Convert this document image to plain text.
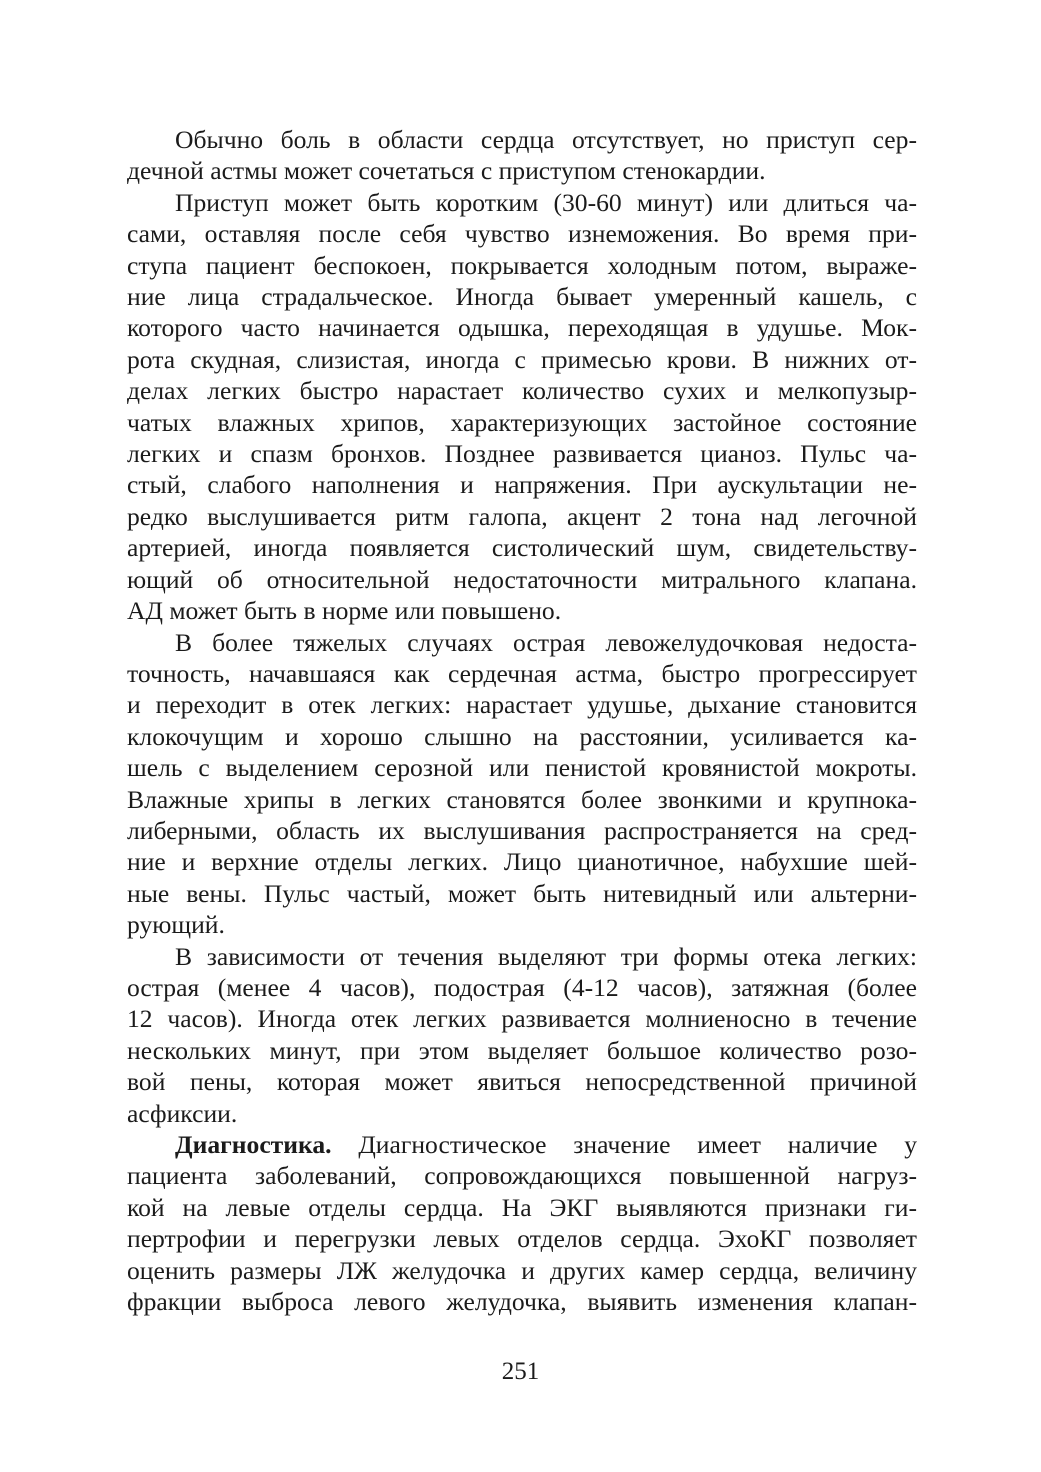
Обычно боль в области сердца отсутствует, но приступ сер-
дечной астмы может сочетаться с приступом стенокардии.
Приступ может быть коротким (30-60 минут) или длиться ча-
сами, оставляя после себя чувство изнеможения. Во время при-
ступа пациент беспокоен, покрывается холодным потом, выраже-
ние лица страдальческое. Иногда бывает умеренный кашель, с
которого часто начинается одышка, переходящая в удушье. Мок-
рота скудная, слизистая, иногда с примесью крови. В нижних от-
делах легких быстро нарастает количество сухих и мелкопузыр-
чатых влажных хрипов, характеризующих застойное состояние
легких и спазм бронхов. Позднее развивается цианоз. Пульс ча-
стый, слабого наполнения и напряжения. При аускультации не-
редко выслушивается ритм галопа, акцент 2 тона над легочной
артерией, иногда появляется систолический шум, свидетельству-
ющий об относительной недостаточности митрального клапана.
АД может быть в норме или повышено.
В более тяжелых случаях острая левожелудочковая недоста-
точность, начавшаяся как сердечная астма, быстро прогрессирует
и переходит в отек легких: нарастает удушье, дыхание становится
клокочущим и хорошо слышно на расстоянии, усиливается ка-
шель с выделением серозной или пенистой кровянистой мокроты.
Влажные хрипы в легких становятся более звонкими и крупнока-
либерными, область их выслушивания распространяется на сред-
ние и верхние отделы легких. Лицо цианотичное, набухшие шей-
ные вены. Пульс частый, может быть нитевидный или альтерни-
рующий.
В зависимости от течения выделяют три формы отека легких:
острая (менее 4 часов), подострая (4-12 часов), затяжная (более
12 часов). Иногда отек легких развивается молниеносно в течение
нескольких минут, при этом выделяет большое количество розо-
вой пены, которая может явиться непосредственной причиной
асфиксии.
Диагностика. Диагностическое значение имеет наличие у
пациента заболеваний, сопровождающихся повышенной нагруз-
кой на левые отделы сердца. На ЭКГ выявляются признаки ги-
пертрофии и перегрузки левых отделов сердца. ЭхоКГ позволяет
оценить размеры ЛЖ желудочка и других камер сердца, величину
фракции выброса левого желудочка, выявить изменения клапан-
251
